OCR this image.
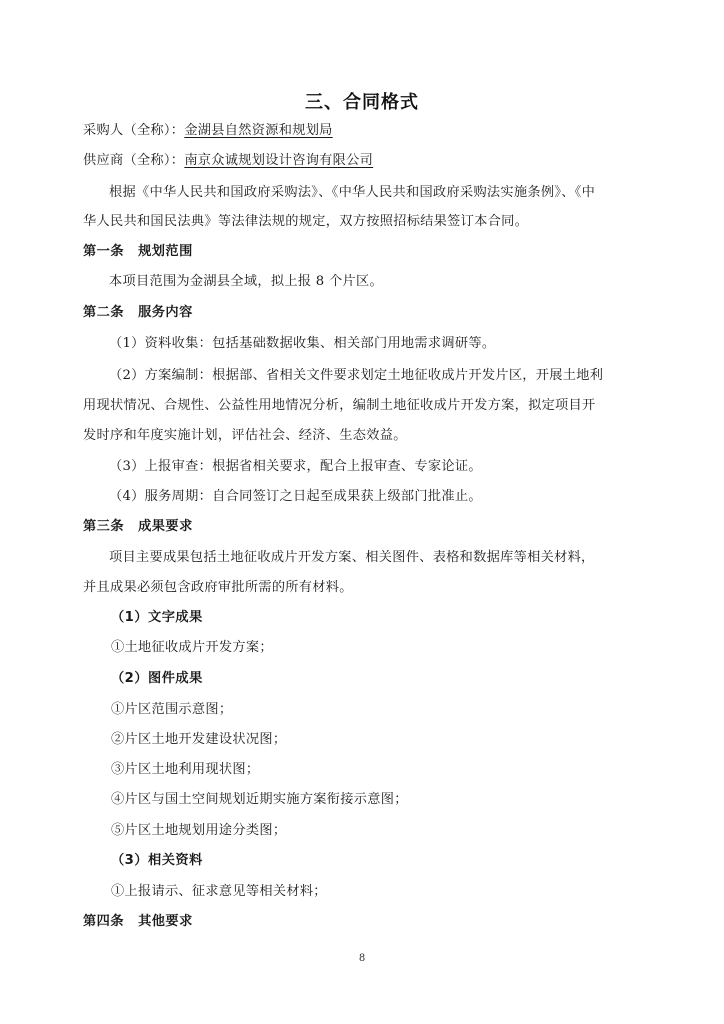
三、合同格式
采购人（全称）：金湖县自然资源和规划局
供应商（全称）：南京众诚规划设计咨询有限公司
根据《中华人民共和国政府采购法》、《中华人民共和国政府采购法实施条例》、《中
华人民共和国民法典》等法律法规的规定，双方按照招标结果签订本合同。
第一条 规划范围
本项目范围为金湖县全域，拟上报 8 个片区。
第二条 服务内容
（1）资料收集：包括基础数据收集、相关部门用地需求调研等。
（2）方案编制：根据部、省相关文件要求划定土地征收成片开发片区，开展土地利
用现状情况、合规性、公益性用地情况分析，编制土地征收成片开发方案，拟定项目开
发时序和年度实施计划，评估社会、经济、生态效益。
（3）上报审查：根据省相关要求，配合上报审查、专家论证。
（4）服务周期：自合同签订之日起至成果获上级部门批准止。
第三条 成果要求
项目主要成果包括土地征收成片开发方案、相关图件、表格和数据库等相关材料，
并且成果必须包含政府审批所需的所有材料。
（1）文字成果
①土地征收成片开发方案；
（2）图件成果
①片区范围示意图；
②片区土地开发建设状况图；
③片区土地利用现状图；
④片区与国土空间规划近期实施方案衔接示意图；
⑤片区土地规划用途分类图；
（3）相关资料
①上报请示、征求意见等相关材料；
第四条 其他要求
8
